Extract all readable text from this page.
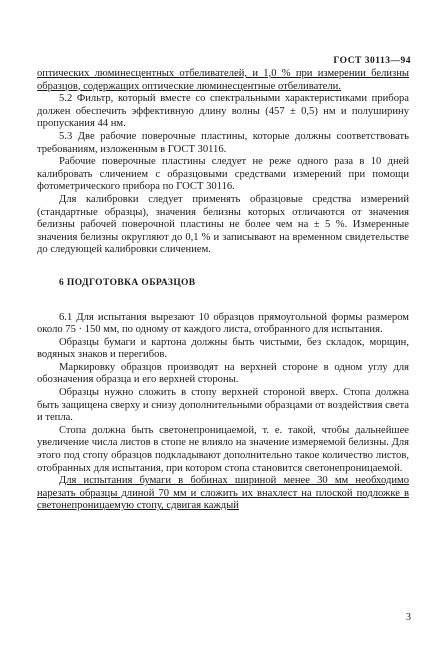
ГОСТ 30113—94

оптических люминесцентных отбеливателей, и 1,0 % при измерении белизны образцов, содержащих оптические люминесцентные отбеливатели.

5.2 Фильтр, который вместе со спектральными характеристиками прибора должен обеспечить эффективную длину волны (457 ± 0,5) нм и полуширину пропускания 44 нм.

5.3 Две рабочие поверочные пластины, которые должны соответствовать требованиям, изложенным в ГОСТ 30116.

Рабочие поверочные пластины следует не реже одного раза в 10 дней калибровать сличением с образцовыми средствами измерений при помощи фотометрического прибора по ГОСТ 30116.

Для калибровки следует применять образцовые средства измерений (стандартные образцы), значения белизны которых отличаются от значения белизны рабочей поверочной пластины не более чем на ± 5 %. Измеренные значения белизны округляют до 0,1 % и записывают на временном свидетельстве до следующей калибровки сличением.

6 ПОДГОТОВКА ОБРАЗЦОВ

6.1 Для испытания вырезают 10 образцов прямоугольной формы размером около 75 · 150 мм, по одному от каждого листа, отобранного для испытания.

Образцы бумаги и картона должны быть чистыми, без складок, морщин, водяных знаков и перегибов.

Маркировку образцов производят на верхней стороне в одном углу для обозначения образца и его верхней стороны.

Образцы нужно сложить в стопу верхней стороной вверх. Стопа должна быть защищена сверху и снизу дополнительными образцами от воздействия света и тепла.

Стопа должна быть светонепроницаемой, т. е. такой, чтобы дальнейшее увеличение числа листов в стопе не влияло на значение измеряемой белизны. Для этого под стопу образцов подкладывают дополнительно такое количество листов, отобранных для испытания, при котором стопа становится светонепроницаемой.

Для испытания бумаги в бобинах шириной менее 30 мм необходимо нарезать образцы длиной 70 мм и сложить их внахлест на плоской подложке в светонепроницаемую стопу, сдвигая каждый

3
